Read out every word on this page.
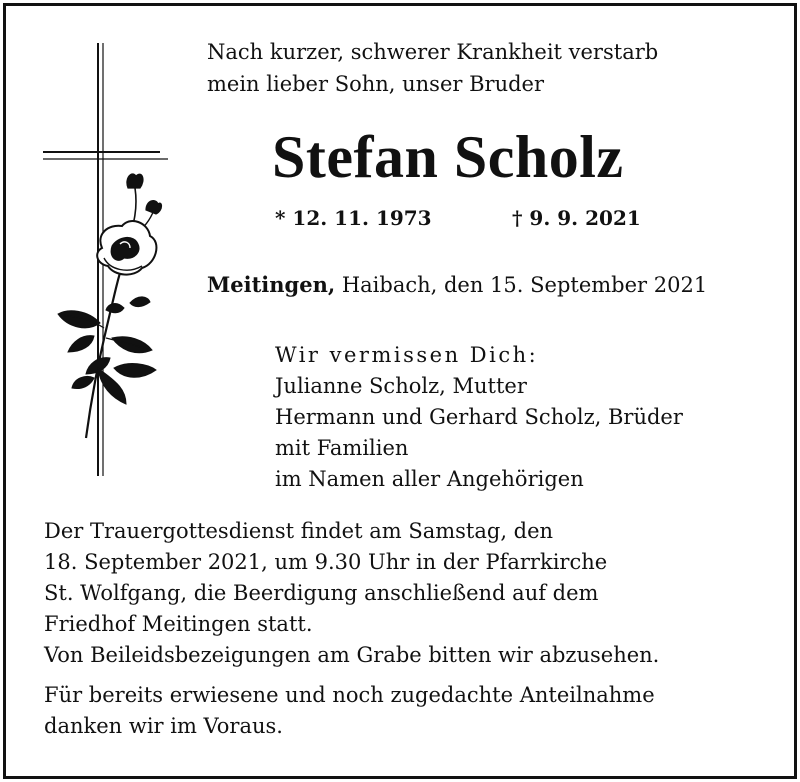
Nach kurzer, schwerer Krankheit verstarb
mein lieber Sohn, unser Bruder

Stefan Scholz
* 12. 11. 1973	† 9. 9. 2021

Meitingen, Haibach, den 15. September 2021

Wir vermissen Dich:
Julianne Scholz, Mutter
Hermann und Gerhard Scholz, Brüder
mit Familien
im Namen aller Angehörigen

Der Trauergottesdienst findet am Samstag, den
18. September 2021, um 9.30 Uhr in der Pfarrkirche
St. Wolfgang, die Beerdigung anschließend auf dem
Friedhof Meitingen statt.
Von Beileidsbezeigungen am Grabe bitten wir abzusehen.

Für bereits erwiesene und noch zugedachte Anteilnahme
danken wir im Voraus.
